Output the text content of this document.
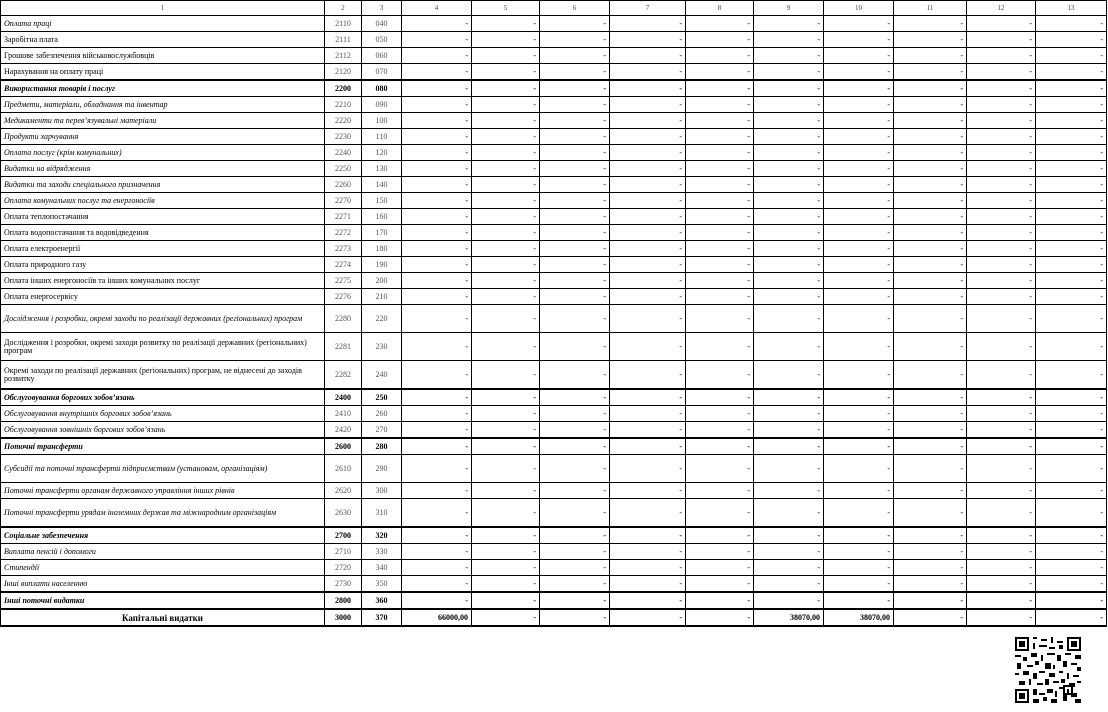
1	2	3	4	5	6	7	8	9	10	11	12	13
Оплата праці	2110	040	-	-	-	-	-	-	-	-	-	-
Заробітна плата	2111	050	-	-	-	-	-	-	-	-	-	-
Грошове забезпечення військовослужбовців	2112	060	-	-	-	-	-	-	-	-	-	-
Нарахування на оплату праці	2120	070	-	-	-	-	-	-	-	-	-	-
Використання товарів і послуг	2200	080	-	-	-	-	-	-	-	-	-	-
Предмети, матеріали, обладнання та інвентар	2210	090	-	-	-	-	-	-	-	-	-	-
Медикаменти та перев’язувальні матеріали	2220	100	-	-	-	-	-	-	-	-	-	-
Продукти харчування	2230	110	-	-	-	-	-	-	-	-	-	-
Оплата послуг (крім комунальних)	2240	120	-	-	-	-	-	-	-	-	-	-
Видатки на відрядження	2250	130	-	-	-	-	-	-	-	-	-	-
Видатки та заходи спеціального призначення	2260	140	-	-	-	-	-	-	-	-	-	-
Оплата комунальних послуг та енергоносіїв	2270	150	-	-	-	-	-	-	-	-	-	-
Оплата теплопостачання	2271	160	-	-	-	-	-	-	-	-	-	-
Оплата водопостачання та водовідведення	2272	170	-	-	-	-	-	-	-	-	-	-
Оплата електроенергії	2273	180	-	-	-	-	-	-	-	-	-	-
Оплата природного газу	2274	190	-	-	-	-	-	-	-	-	-	-
Оплата інших енергоносіїв та інших комунальних послуг	2275	200	-	-	-	-	-	-	-	-	-	-
Оплата енергосервісу	2276	210	-	-	-	-	-	-	-	-	-	-
Дослідження і розробки, окремі заходи по реалізації державних (регіональних) програм	2280	220	-	-	-	-	-	-	-	-	-	-
Дослідження і розробки, окремі заходи розвитку по реалізації державних (регіональних) програм	2281	230	-	-	-	-	-	-	-	-	-	-
Окремі заходи по реалізації державних (регіональних) програм, не віднесені до заходів розвитку	2282	240	-	-	-	-	-	-	-	-	-	-
Обслуговування боргових зобов’язань	2400	250	-	-	-	-	-	-	-	-	-	-
Обслуговування внутрішніх боргових зобов’язань	2410	260	-	-	-	-	-	-	-	-	-	-
Обслуговування зовнішніх боргових зобов’язань	2420	270	-	-	-	-	-	-	-	-	-	-
Поточні трансферти	2600	280	-	-	-	-	-	-	-	-	-	-
Субсидії та поточні трансферти підприємствам (установам, організаціям)	2610	290	-	-	-	-	-	-	-	-	-	-
Поточні трансферти органам державного управління інших рівнів	2620	300	-	-	-	-	-	-	-	-	-	-
Поточні трансферти урядам іноземних держав та міжнародним організаціям	2630	310	-	-	-	-	-	-	-	-	-	-
Соціальне забезпечення	2700	320	-	-	-	-	-	-	-	-	-	-
Виплата пенсій і допомоги	2710	330	-	-	-	-	-	-	-	-	-	-
Стипендії	2720	340	-	-	-	-	-	-	-	-	-	-
Інші виплати населенню	2730	350	-	-	-	-	-	-	-	-	-	-
Інші поточні видатки	2800	360	-	-	-	-	-	-	-	-	-	-
Капітальні видатки	3000	370	66000,00	-	-	-	-	38070,00	38070,00	-	-	-
